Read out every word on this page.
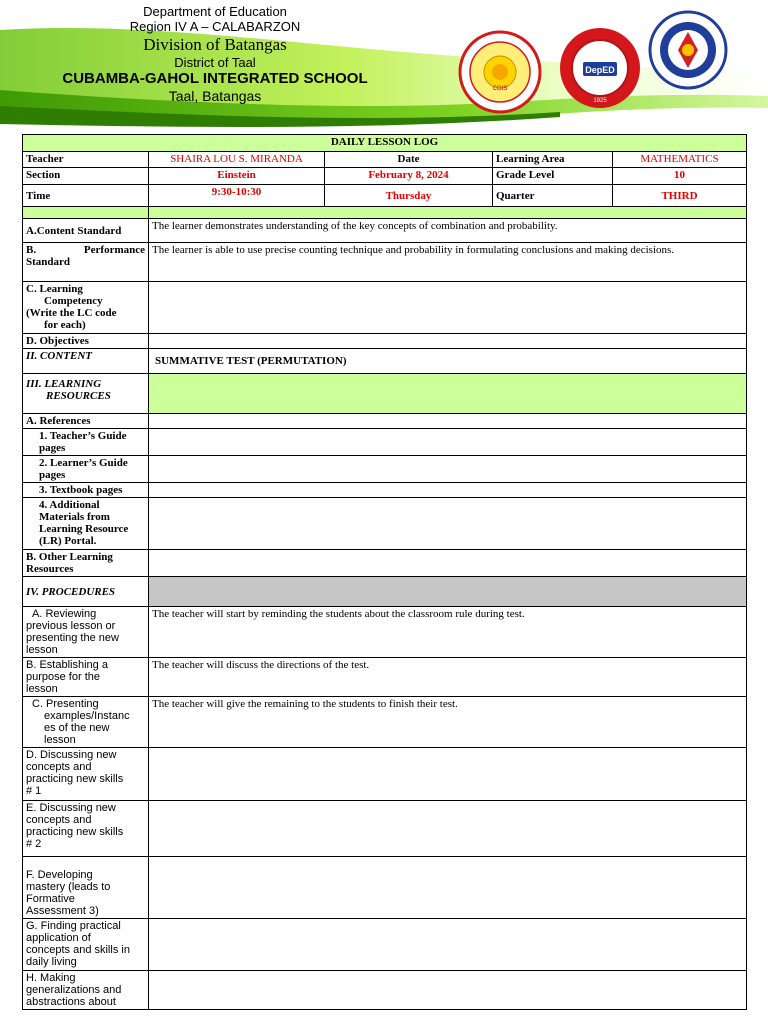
Department of Education
Region IV A – CALABARZON
Division of Batangas
District of Taal
CUBAMBA-GAHOL INTEGRATED SCHOOL
Taal, Batangas	CGIS
DepED
1925
DAILY LESSON LOG				
Teacher	SHAIRA LOU S. MIRANDA	Date	Learning Area	MATHEMATICS
Section	Einstein	February 8, 2024	Grade Level	10
Time	9:30-10:30	Thursday	Quarter	THIRD

A.Content Standard	The learner demonstrates understanding of the key concepts of combination and probability.			

B. Performance
Standard	The learner is able to use precise counting technique and probability in formulating conclusions and making decisions.			

C. Learning
Competency
(Write the LC code
for each)				

D. Objectives				
II. CONTENT	SUMMATIVE TEST (PERMUTATION)			

III. LEARNING
RESOURCES				

A. References				

1. Teacher’s Guide
pages				

2. Learner’s Guide
pages				

3. Textbook pages				

4. Additional
Materials from
Learning Resource
(LR) Portal.				

B. Other Learning
Resources				

IV. PROCEDURES				

A. Reviewing
previous lesson or
presenting the new
lesson	The teacher will start by reminding the students about the classroom rule during test.			

B. Establishing a
purpose for the
lesson	The teacher will discuss the directions of the test.			

C. Presenting
examples/Instanc
es of the new
lesson	The teacher will give the remaining to the students to finish their test.			

D. Discussing new
concepts and
practicing new skills
# 1				

E. Discussing new
concepts and
practicing new skills
# 2				

F. Developing
mastery (leads to
Formative
Assessment 3)				

G. Finding practical
application of
concepts and skills in
daily living				

H. Making
generalizations and
abstractions about				
